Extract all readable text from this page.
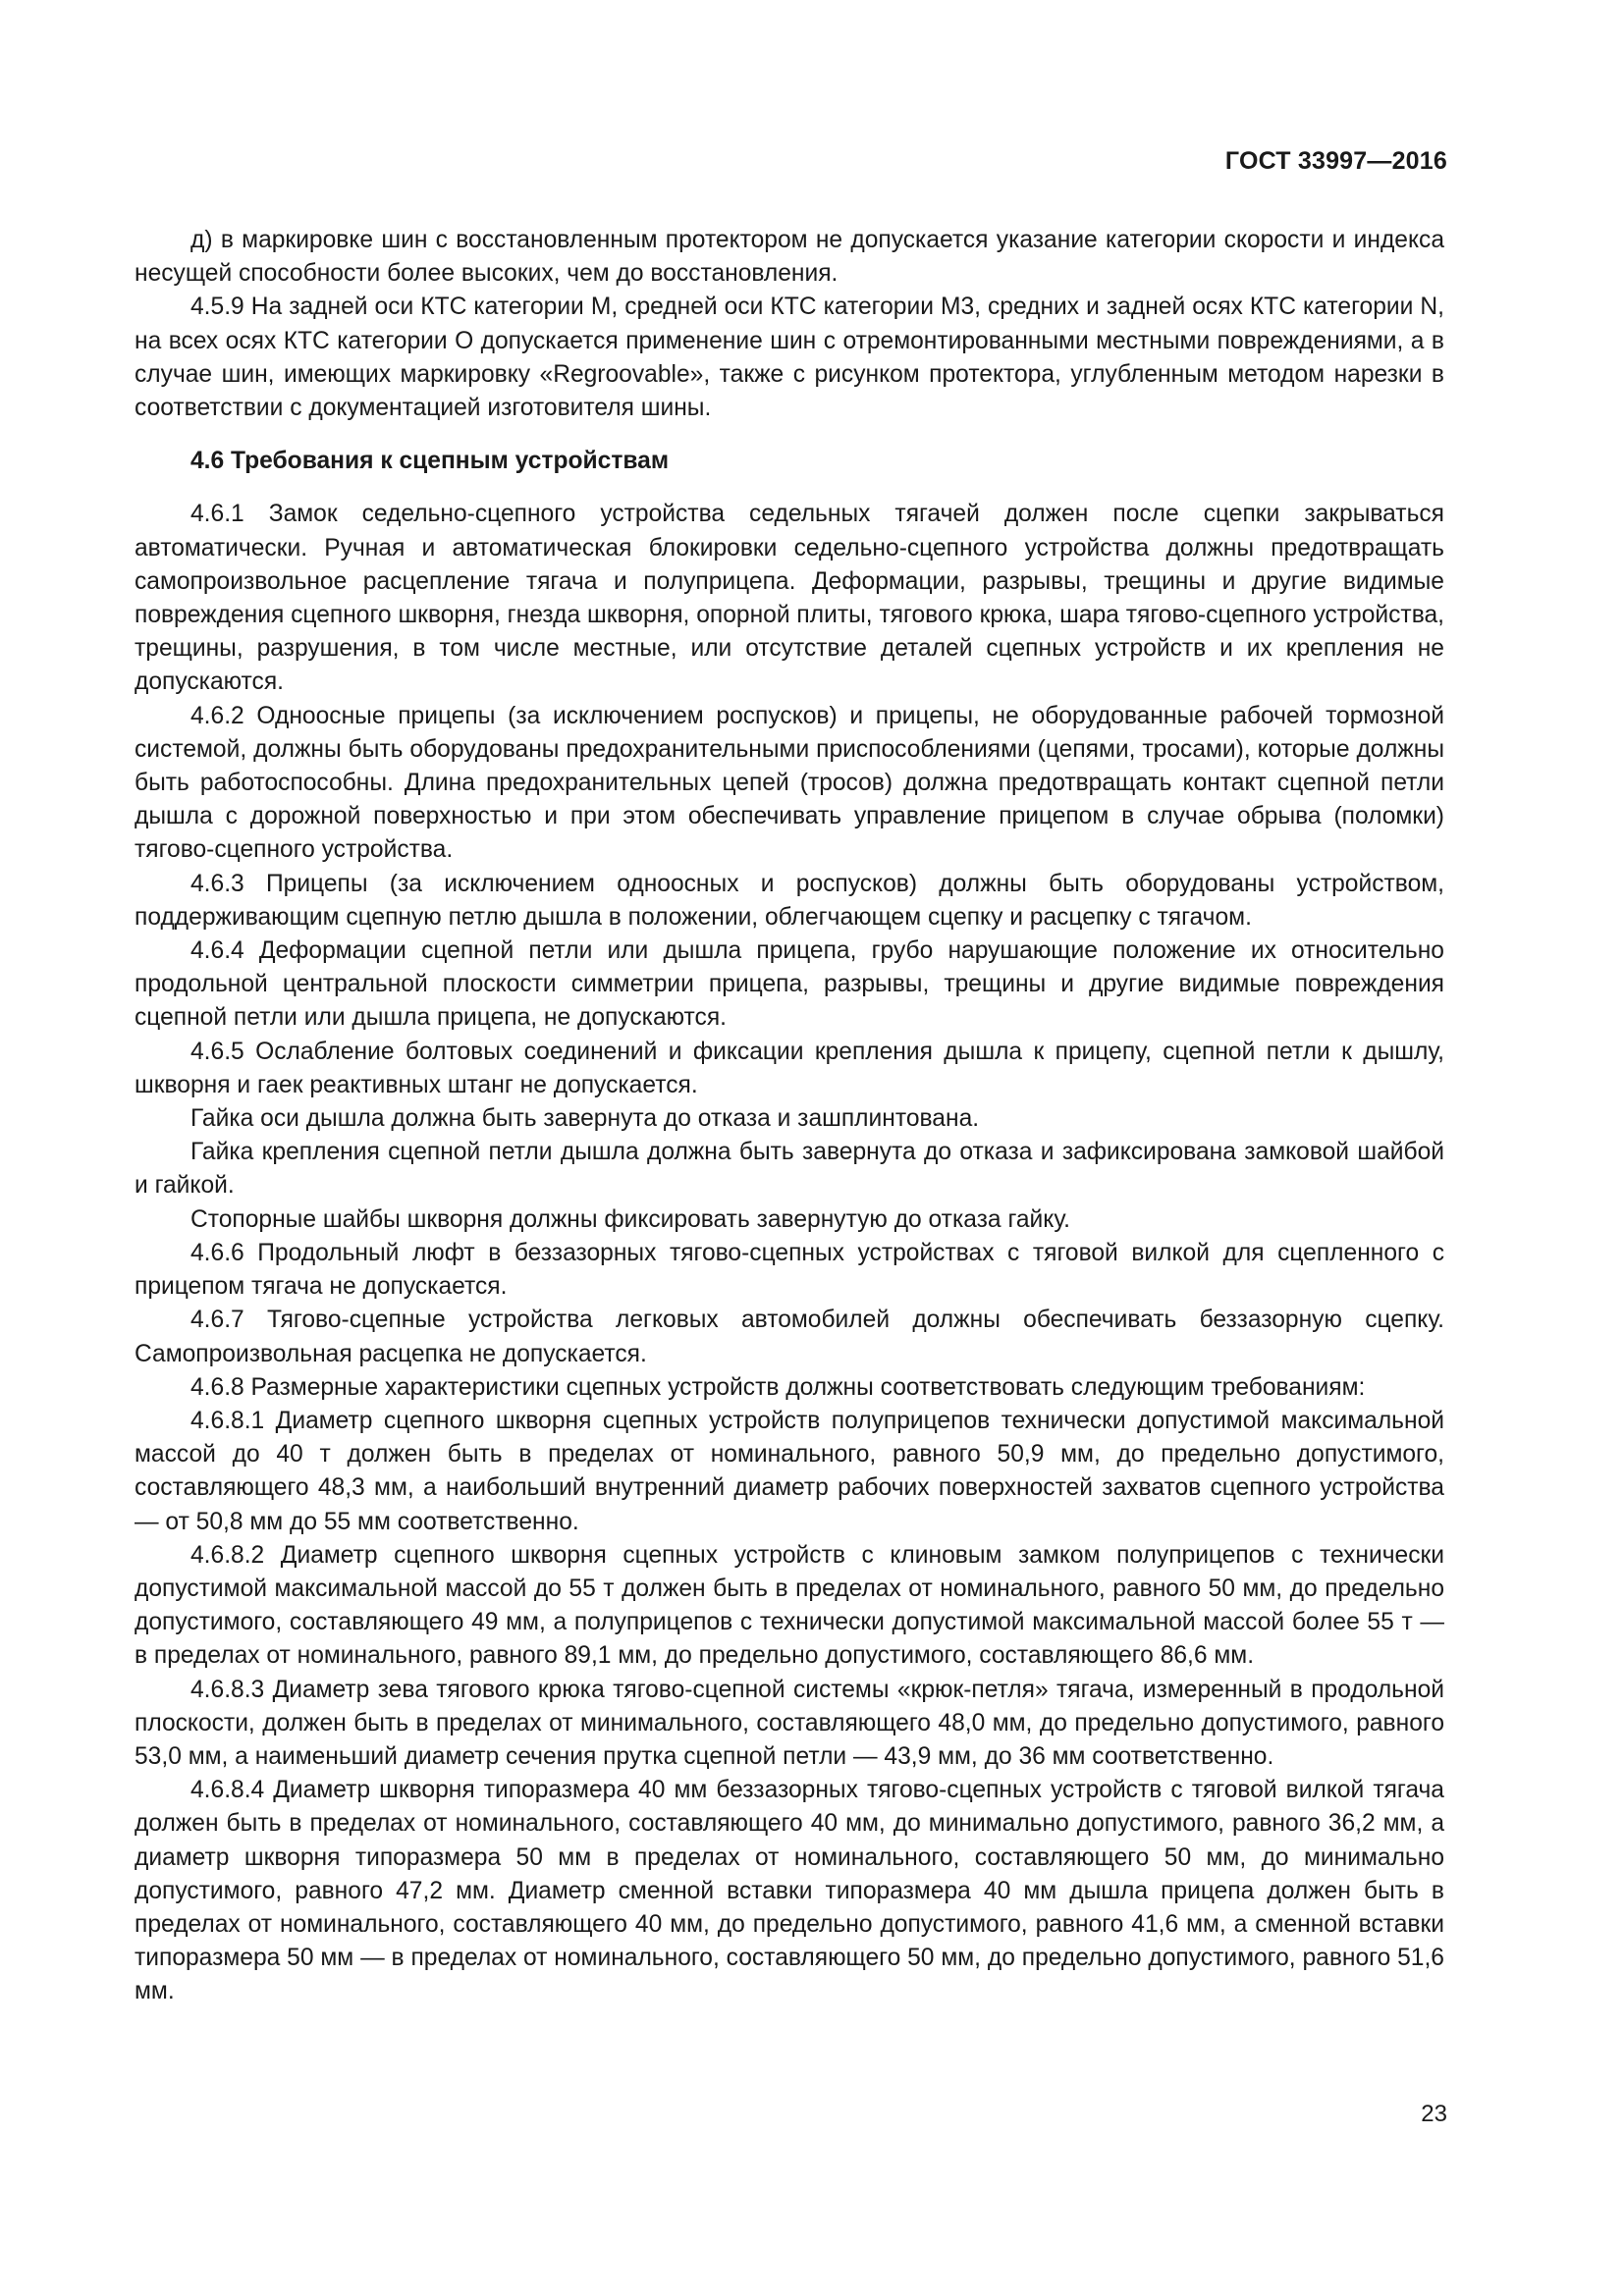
ГОСТ 33997—2016

д) в маркировке шин с восстановленным протектором не допускается указание категории скорости и индекса несущей способности более высоких, чем до восстановления.

4.5.9 На задней оси КТС категории М, средней оси КТС категории М3, средних и задней осях КТС категории N, на всех осях КТС категории О допускается применение шин с отремонтированными местными повреждениями, а в случае шин, имеющих маркировку «Regroovable», также с рисунком протектора, углубленным методом нарезки в соответствии с документацией изготовителя шины.

4.6 Требования к сцепным устройствам

4.6.1 Замок седельно-сцепного устройства седельных тягачей должен после сцепки закрываться автоматически. Ручная и автоматическая блокировки седельно-сцепного устройства должны предотвращать самопроизвольное расцепление тягача и полуприцепа. Деформации, разрывы, трещины и другие видимые повреждения сцепного шкворня, гнезда шкворня, опорной плиты, тягового крюка, шара тягово-сцепного устройства, трещины, разрушения, в том числе местные, или отсутствие деталей сцепных устройств и их крепления не допускаются.

4.6.2 Одноосные прицепы (за исключением роспусков) и прицепы, не оборудованные рабочей тормозной системой, должны быть оборудованы предохранительными приспособлениями (цепями, тросами), которые должны быть работоспособны. Длина предохранительных цепей (тросов) должна предотвращать контакт сцепной петли дышла с дорожной поверхностью и при этом обеспечивать управление прицепом в случае обрыва (поломки) тягово-сцепного устройства.

4.6.3 Прицепы (за исключением одноосных и роспусков) должны быть оборудованы устройством, поддерживающим сцепную петлю дышла в положении, облегчающем сцепку и расцепку с тягачом.

4.6.4 Деформации сцепной петли или дышла прицепа, грубо нарушающие положение их относительно продольной центральной плоскости симметрии прицепа, разрывы, трещины и другие видимые повреждения сцепной петли или дышла прицепа, не допускаются.

4.6.5 Ослабление болтовых соединений и фиксации крепления дышла к прицепу, сцепной петли к дышлу, шкворня и гаек реактивных штанг не допускается.

Гайка оси дышла должна быть завернута до отказа и зашплинтована.

Гайка крепления сцепной петли дышла должна быть завернута до отказа и зафиксирована замковой шайбой и гайкой.

Стопорные шайбы шкворня должны фиксировать завернутую до отказа гайку.

4.6.6 Продольный люфт в беззазорных тягово-сцепных устройствах с тяговой вилкой для сцепленного с прицепом тягача не допускается.

4.6.7 Тягово-сцепные устройства легковых автомобилей должны обеспечивать беззазорную сцепку. Самопроизвольная расцепка не допускается.

4.6.8 Размерные характеристики сцепных устройств должны соответствовать следующим требованиям:

4.6.8.1 Диаметр сцепного шкворня сцепных устройств полуприцепов технически допустимой максимальной массой до 40 т должен быть в пределах от номинального, равного 50,9 мм, до предельно допустимого, составляющего 48,3 мм, а наибольший внутренний диаметр рабочих поверхностей захватов сцепного устройства — от 50,8 мм до 55 мм соответственно.

4.6.8.2 Диаметр сцепного шкворня сцепных устройств с клиновым замком полуприцепов с технически допустимой максимальной массой до 55 т должен быть в пределах от номинального, равного 50 мм, до предельно допустимого, составляющего 49 мм, а полуприцепов с технически допустимой максимальной массой более 55 т — в пределах от номинального, равного 89,1 мм, до предельно допустимого, составляющего 86,6 мм.

4.6.8.3 Диаметр зева тягового крюка тягово-сцепной системы «крюк-петля» тягача, измеренный в продольной плоскости, должен быть в пределах от минимального, составляющего 48,0 мм, до предельно допустимого, равного 53,0 мм, а наименьший диаметр сечения прутка сцепной петли — 43,9 мм, до 36 мм соответственно.

4.6.8.4 Диаметр шкворня типоразмера 40 мм беззазорных тягово-сцепных устройств с тяговой вилкой тягача должен быть в пределах от номинального, составляющего 40 мм, до минимально допустимого, равного 36,2 мм, а диаметр шкворня типоразмера 50 мм в пределах от номинального, составляющего 50 мм, до минимально допустимого, равного 47,2 мм. Диаметр сменной вставки типоразмера 40 мм дышла прицепа должен быть в пределах от номинального, составляющего 40 мм, до предельно допустимого, равного 41,6 мм, а сменной вставки типоразмера 50 мм — в пределах от номинального, составляющего 50 мм, до предельно допустимого, равного 51,6 мм.

23
